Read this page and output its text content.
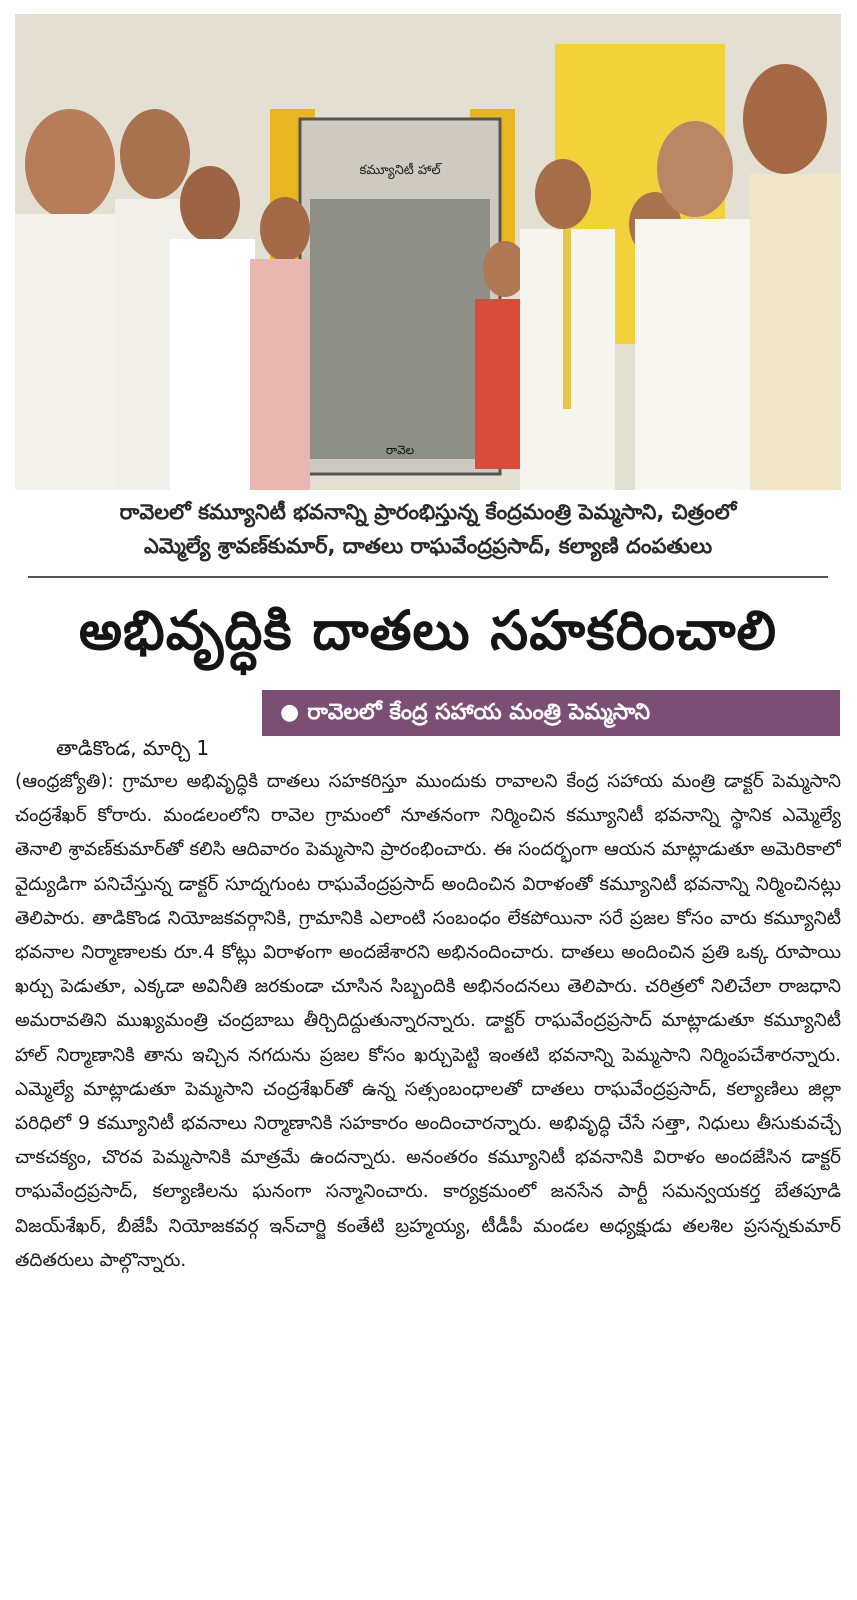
కమ్యూనిటీ హాల్
రావెల
రావెలలో కమ్యూనిటీ భవనాన్ని ప్రారంభిస్తున్న కేంద్రమంత్రి పెమ్మసాని, చిత్రంలో
ఎమ్మెల్యే శ్రావణ్‌కుమార్, దాతలు రాఘవేంద్రప్రసాద్, కల్యాణి దంపతులు
అభివృద్ధికి దాతలు సహకరించాలి
● రావెలలో కేంద్ర సహాయ మంత్రి పెమ్మసాని
తాడికొండ, మార్చి 1

(ఆంధ్రజ్యోతి): గ్రామాల అభివృద్ధికి దాతలు సహకరిస్తూ ముందుకు రావాలని కేంద్ర సహాయ మంత్రి డాక్టర్ పెమ్మసాని చంద్రశేఖర్ కోరారు. మండలంలోని రావెల గ్రామంలో నూతనంగా నిర్మించిన కమ్యూనిటీ భవనాన్ని స్థానిక ఎమ్మెల్యే తెనాలి శ్రావణ్‌కుమార్‌తో కలిసి ఆదివారం పెమ్మసాని ప్రారంభించారు. ఈ సందర్భంగా ఆయన మాట్లాడుతూ అమెరికాలో వైద్యుడిగా పనిచేస్తున్న డాక్టర్ సూద్నగుంట రాఘవేంద్రప్రసాద్ అందించిన విరాళంతో కమ్యూనిటీ భవనాన్ని నిర్మించినట్లు తెలిపారు. తాడికొండ నియోజకవర్గానికి, గ్రామానికి ఎలాంటి సంబంధం లేకపోయినా సరే ప్రజల కోసం వారు కమ్యూనిటీ భవనాల నిర్మాణాలకు రూ.4 కోట్లు విరాళంగా అందజేశారని అభినందించారు. దాతలు అందించిన ప్రతి ఒక్క రూపాయి ఖర్చు పెడుతూ, ఎక్కడా అవినీతి జరకుండా చూసిన సిబ్బందికి అభినందనలు తెలిపారు. చరిత్రలో నిలిచేలా రాజధాని అమరావతిని ముఖ్యమంత్రి చంద్రబాబు తీర్చిదిద్దుతున్నారన్నారు. డాక్టర్ రాఘవేంద్రప్రసాద్ మాట్లాడుతూ కమ్యూనిటీ హాల్ నిర్మాణానికి తాను ఇచ్చిన నగదును ప్రజల కోసం ఖర్చుపెట్టి ఇంతటి భవనాన్ని పెమ్మసాని నిర్మింపచేశారన్నారు. ఎమ్మెల్యే మాట్లాడుతూ పెమ్మసాని చంద్రశేఖర్‌తో ఉన్న సత్సంబంధాలతో దాతలు రాఘవేంద్రప్రసాద్, కల్యాణిలు జిల్లా పరిధిలో 9 కమ్యూనిటీ భవనాలు నిర్మాణానికి సహకారం అందించారన్నారు. అభివృద్ధి చేసే సత్తా, నిధులు తీసుకువచ్చే చాకచక్యం, చొరవ పెమ్మసానికి మాత్రమే ఉందన్నారు. అనంతరం కమ్యూనిటీ భవనానికి విరాళం అందజేసిన డాక్టర్ రాఘవేంద్రప్రసాద్, కల్యాణిలను ఘనంగా సన్మానించారు. కార్యక్రమంలో జనసేన పార్టీ సమన్వయకర్త బేతపూడి విజయ్‌శేఖర్, బీజేపీ నియోజకవర్గ ఇన్‌చార్జి కంతేటి బ్రహ్మయ్య, టీడీపీ మండల అధ్యక్షుడు తలశిల ప్రసన్నకుమార్ తదితరులు పాల్గొన్నారు.
